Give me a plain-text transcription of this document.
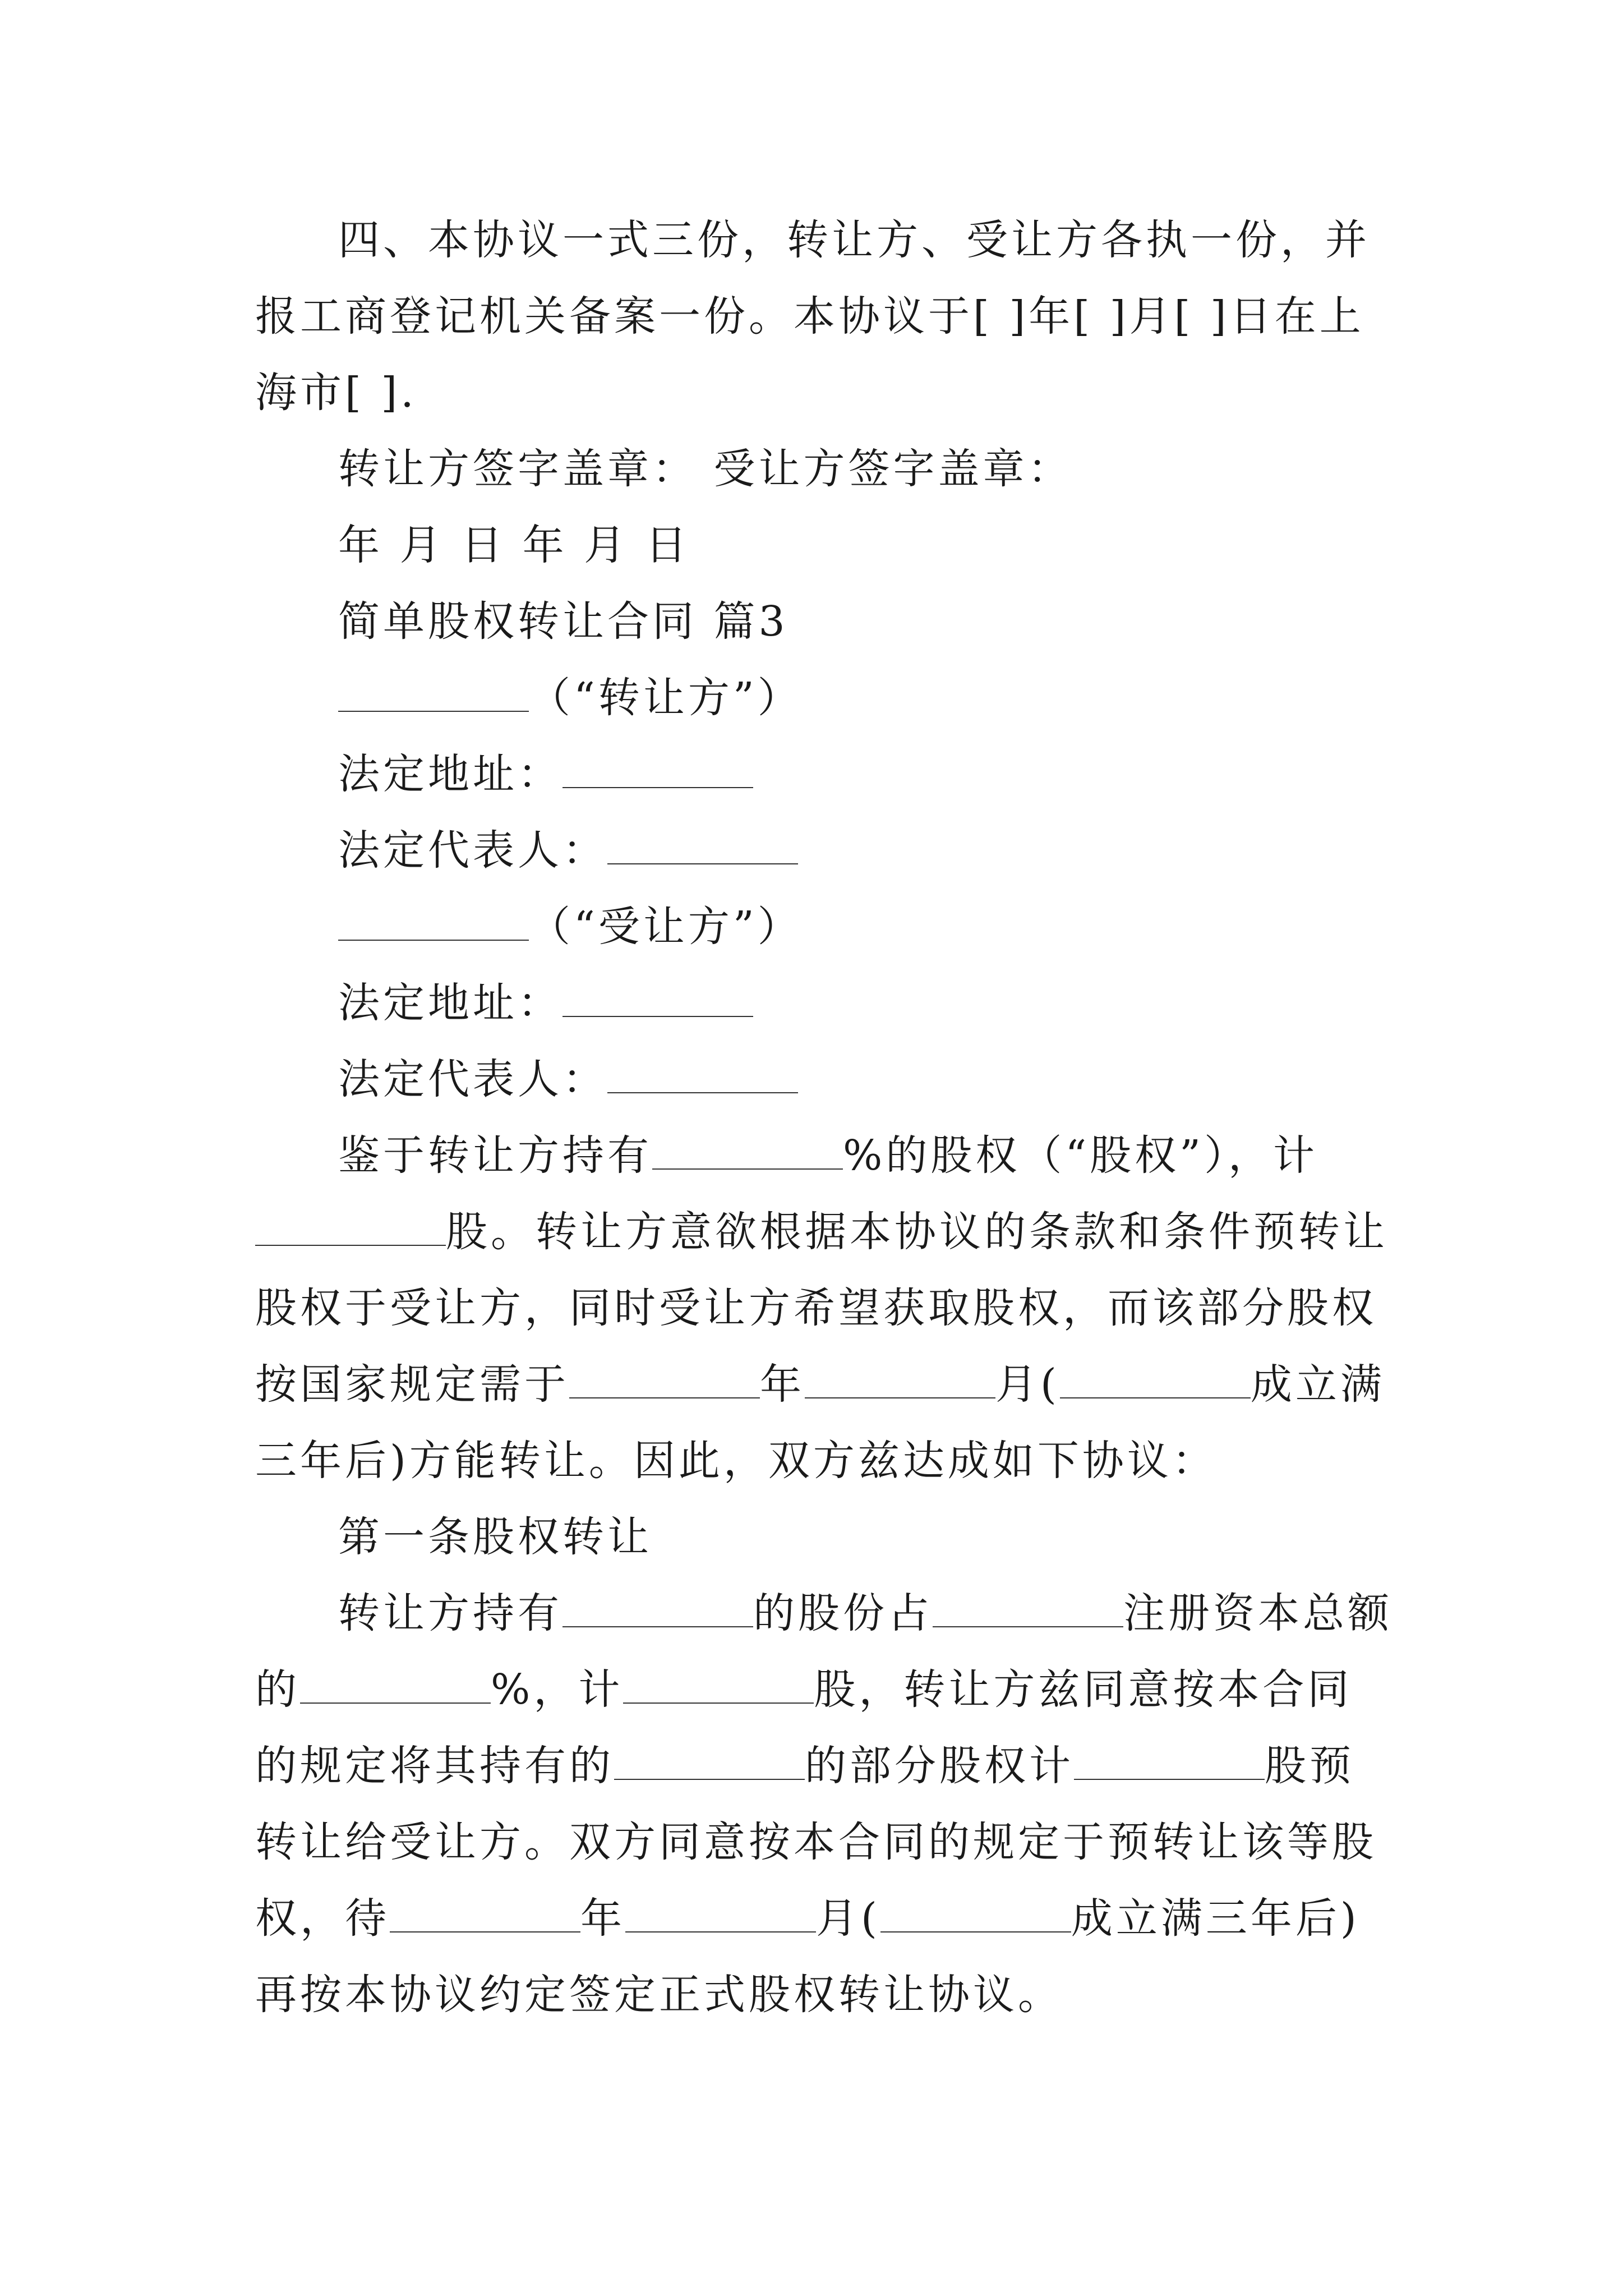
四、本协议一式三份，转让方、受让方各执一份，并报工商登记机关备案一份。本协议于[ ]年[ ]月[ ]日在上海市[ ].

转让方签字盖章： 受让方签字盖章：

年 月 日 年 月 日

简单股权转让合同 篇3

（“转让方”）

法定地址：

法定代表人：

（“受让方”）

法定地址：

法定代表人：

鉴于转让方持有	%的股权（“股权”），计股。转让方意欲根据本协议的条款和条件预转让股权于受让方，同时受让方希望获取股权，而该部分股权按国家规定需于	年	月(	成立满三年后)方能转让。因此，双方兹达成如下协议：

第一条股权转让

转让方持有	的股份占	注册资本总额的	%，计	股，转让方兹同意按本合同的规定将其持有的	的部分股权计	股预转让给受让方。双方同意按本合同的规定于预转让该等股权，待	年	月(	成立满三年后)再按本协议约定签定正式股权转让协议。
